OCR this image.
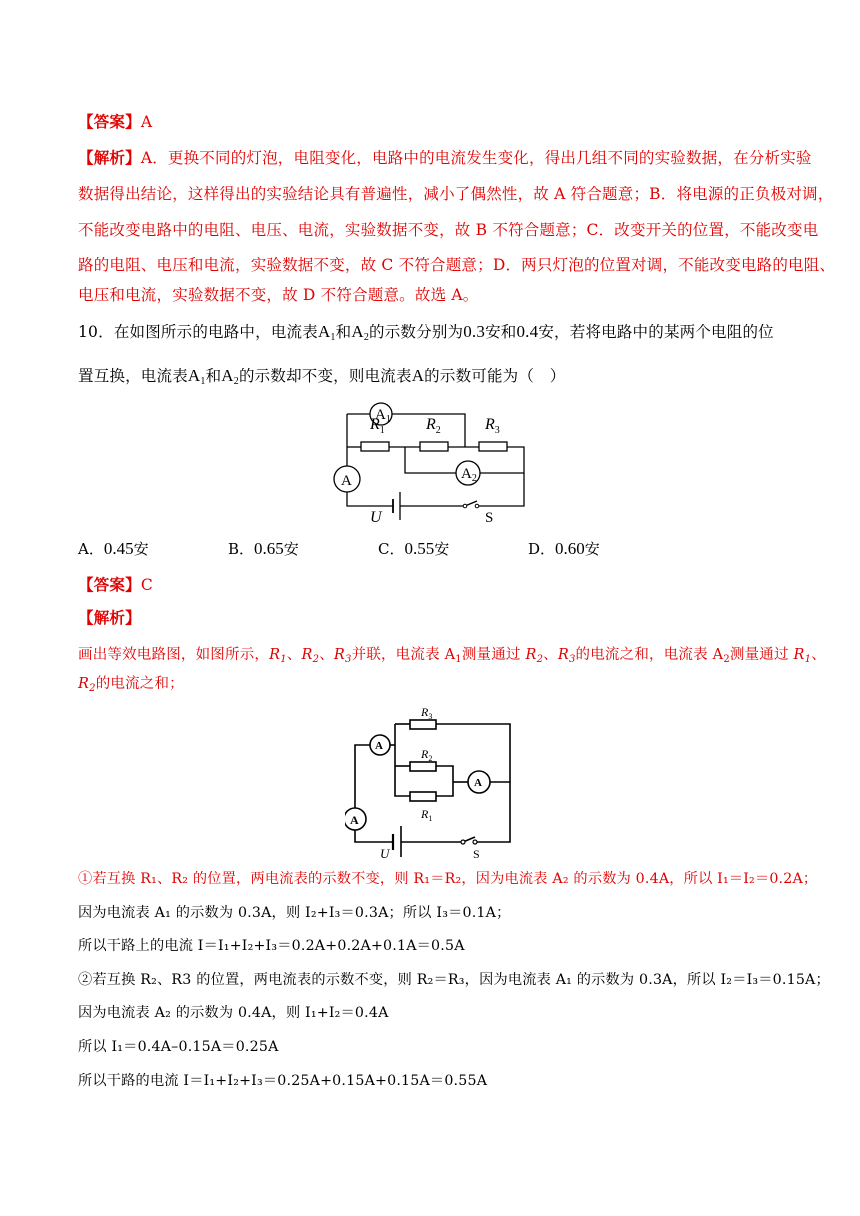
【答案】A
【解析】A．更换不同的灯泡，电阻变化，电路中的电流发生变化，得出几组不同的实验数据，在分析实验
数据得出结论，这样得出的实验结论具有普遍性，减小了偶然性，故 A 符合题意；B．将电源的正负极对调，
不能改变电路中的电阻、电压、电流，实验数据不变，故 B 不符合题意；C．改变开关的位置，不能改变电
路的电阻、电压和电流，实验数据不变，故 C 不符合题意；D．两只灯泡的位置对调，不能改变电路的电阻、
电压和电流，实验数据不变，故 D 不符合题意。故选 A。
10．在如图所示的电路中，电流表$A_1$和$A_2$的示数分别为0.3安和0.4安，若将电路中的某两个电阻的位
置互换，电流表$A_1$和$A_2$的示数却不变，则电流表A的示数可能为（　）
$A_1$
$A_2$
A
$R_1$	$R_2$	$R_3$
U	S
A．0.45安	B．0.65安	C．0.55安	D．0.60安
【答案】C
【解析】
画出等效电路图，如图所示，$R_1$、$R_2$、$R_3$并联，电流表 $A_1$测量通过 $R_2$、$R_3$的电流之和，电流表 $A_2$测量通过 $R_1$、
$R_2$的电流之和；
$R_3$
$R_2$
$R_1$
A
A
A
U	S
①若互换 R₁、R₂ 的位置，两电流表的示数不变，则 R₁＝R₂，因为电流表 A₂ 的示数为 0.4A，所以 I₁＝I₂＝0.2A；
因为电流表 A₁ 的示数为 0.3A，则 I₂+I₃＝0.3A；所以 I₃＝0.1A；
所以干路上的电流 I＝I₁+I₂+I₃＝0.2A+0.2A+0.1A＝0.5A
②若互换 R₂、R3 的位置，两电流表的示数不变，则 R₂＝R₃，因为电流表 A₁ 的示数为 0.3A，所以 I₂＝I₃＝0.15A；
因为电流表 A₂ 的示数为 0.4A，则 I₁+I₂＝0.4A
所以 I₁＝0.4A–0.15A＝0.25A
所以干路的电流 I＝I₁+I₂+I₃＝0.25A+0.15A+0.15A＝0.55A
